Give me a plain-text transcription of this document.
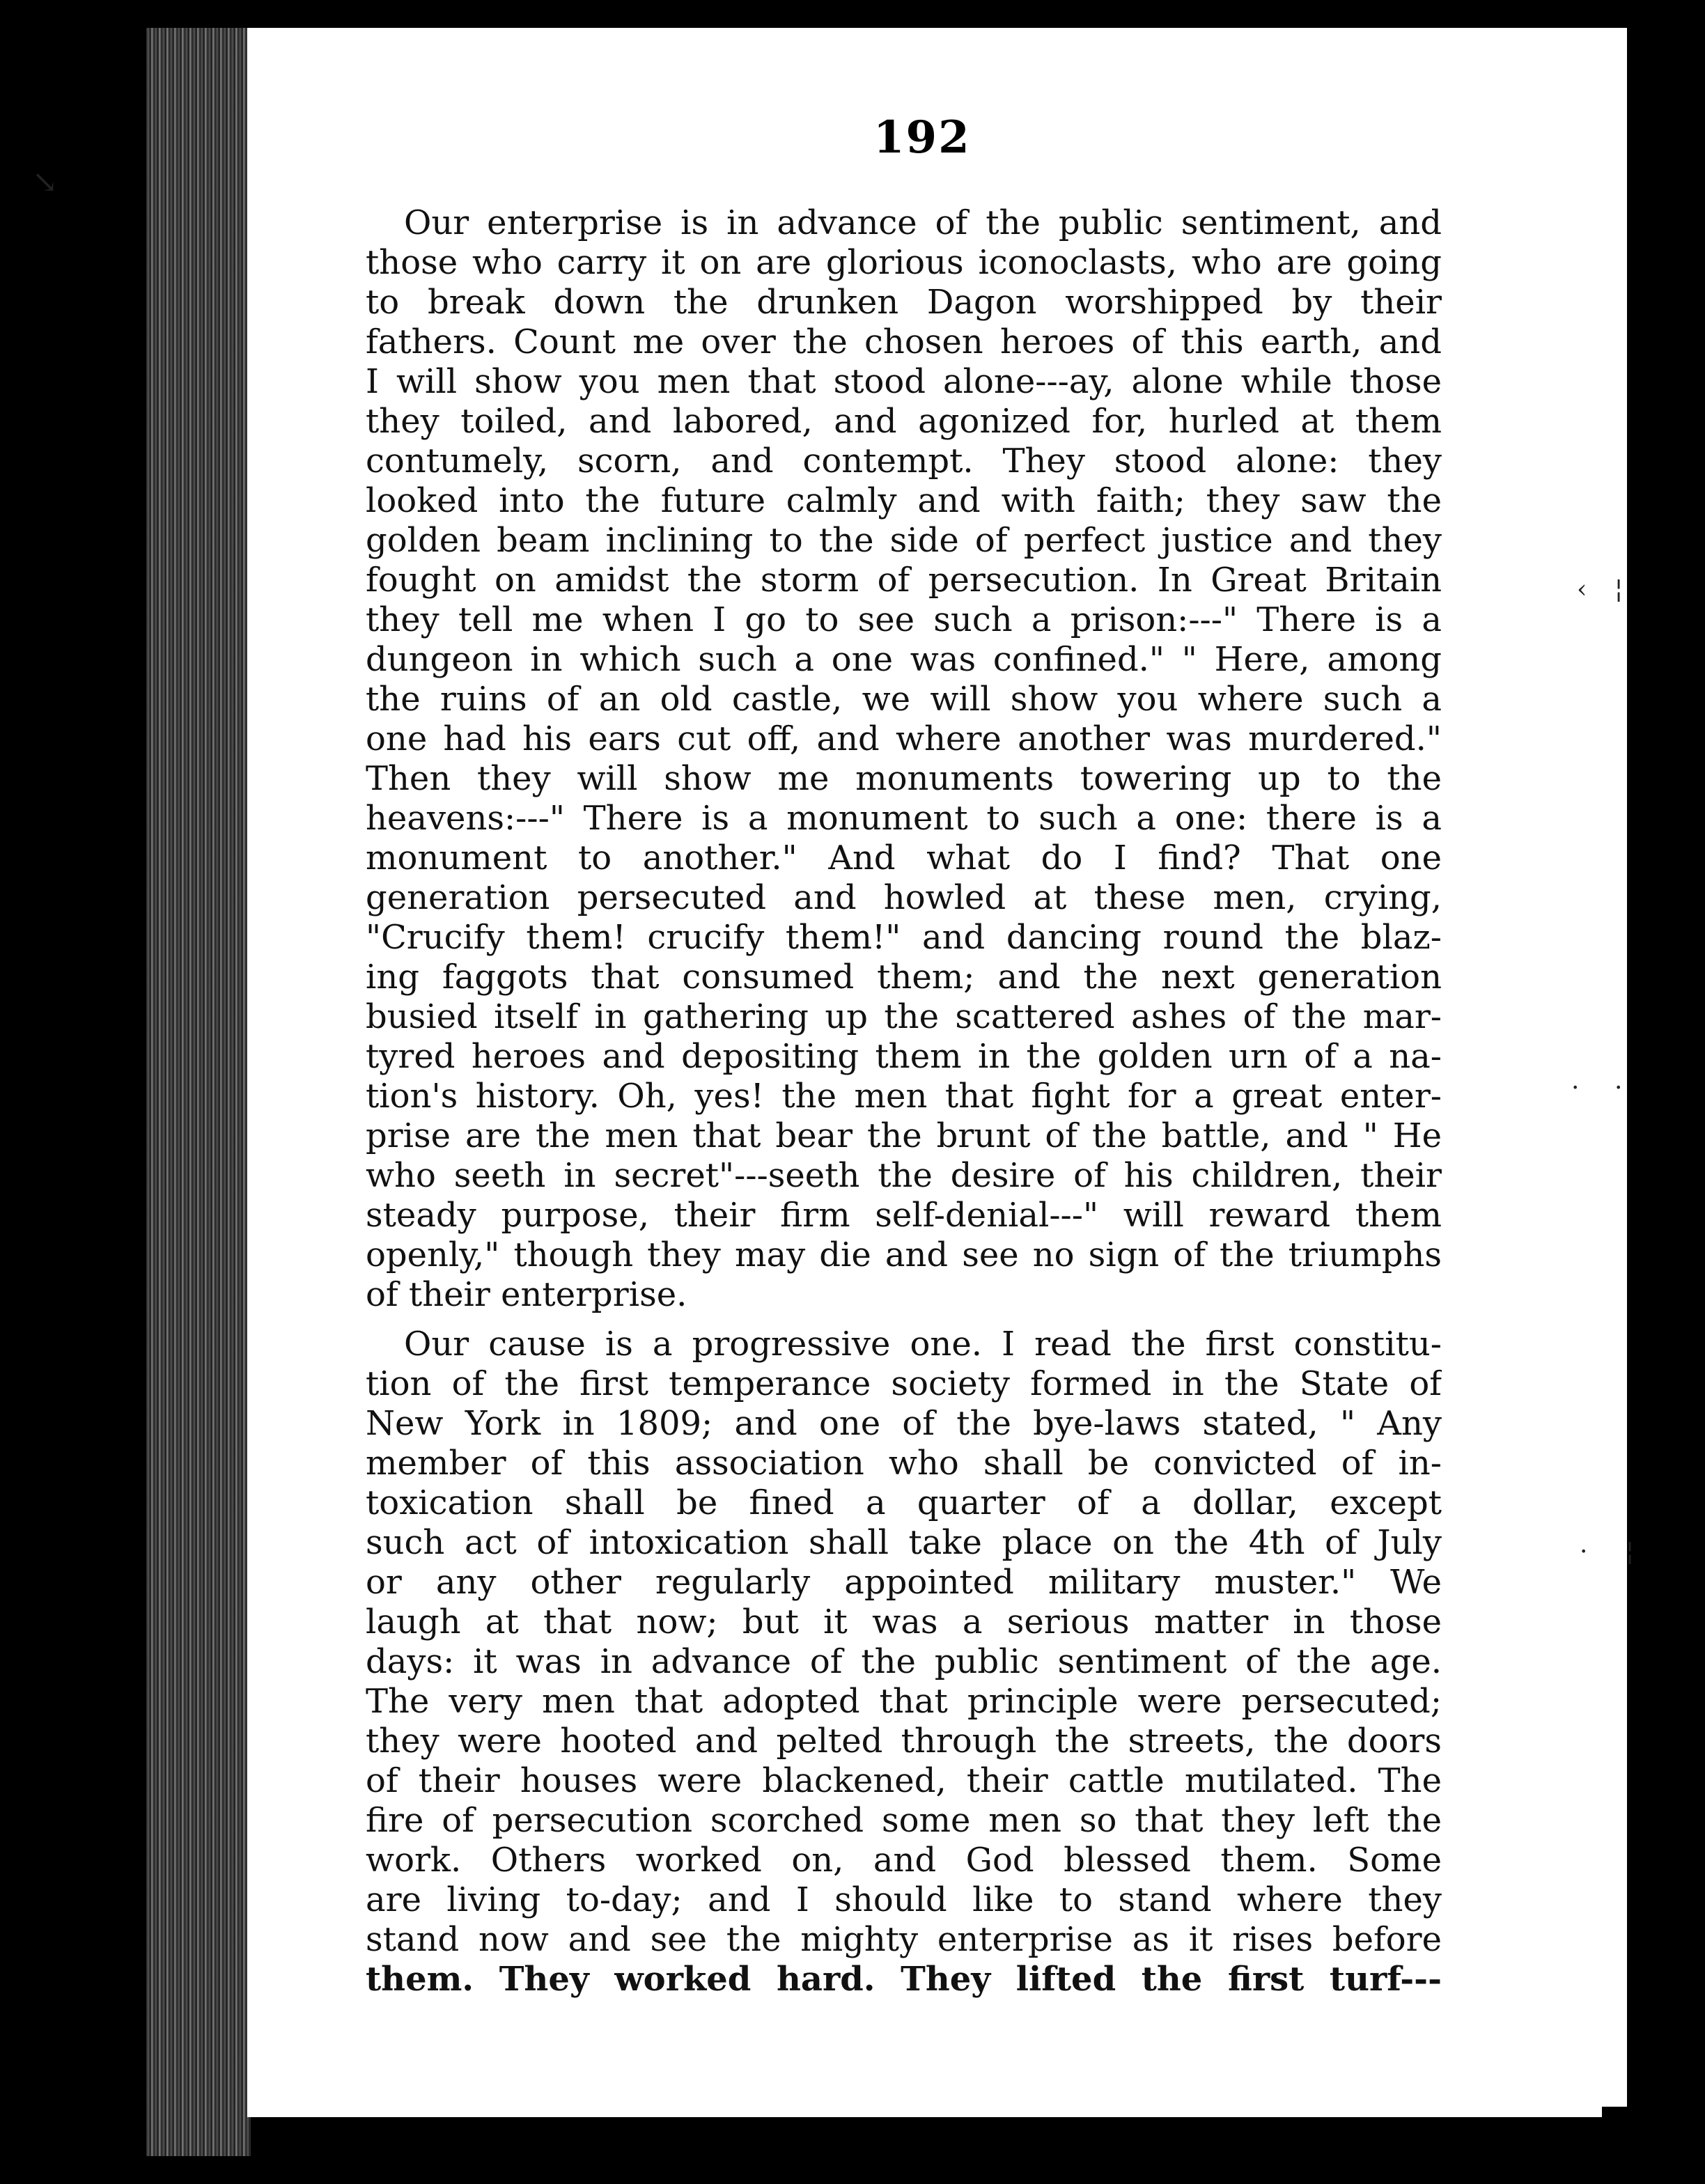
↘
‹ ¦
· ·
· ¦
192
Our enterprise is in advance of the public sentiment, and
those who carry it on are glorious iconoclasts, who are going
to break down the drunken Dagon worshipped by their
fathers. Count me over the chosen heroes of this earth, and
I will show you men that stood alone---ay, alone while those
they toiled, and labored, and agonized for, hurled at them
contumely, scorn, and contempt. They stood alone: they
looked into the future calmly and with faith; they saw the
golden beam inclining to the side of perfect justice and they
fought on amidst the storm of persecution. In Great Britain
they tell me when I go to see such a prison:---" There is a
dungeon in which such a one was confined." " Here, among
the ruins of an old castle, we will show you where such a
one had his ears cut off, and where another was murdered."
Then they will show me monuments towering up to the
heavens:---" There is a monument to such a one: there is a
monument to another." And what do I find? That one
generation persecuted and howled at these men, crying,
"Crucify them! crucify them!" and dancing round the blaz-
ing faggots that consumed them; and the next generation
busied itself in gathering up the scattered ashes of the mar-
tyred heroes and depositing them in the golden urn of a na-
tion's history. Oh, yes! the men that fight for a great enter-
prise are the men that bear the brunt of the battle, and " He
who seeth in secret"---seeth the desire of his children, their
steady purpose, their firm self-denial---" will reward them
openly," though they may die and see no sign of the triumphs
of their enterprise.
Our cause is a progressive one. I read the first constitu-
tion of the first temperance society formed in the State of
New York in 1809; and one of the bye-laws stated, " Any
member of this association who shall be convicted of in-
toxication shall be fined a quarter of a dollar, except
such act of intoxication shall take place on the 4th of July
or any other regularly appointed military muster." We
laugh at that now; but it was a serious matter in those
days: it was in advance of the public sentiment of the age.
The very men that adopted that principle were persecuted;
they were hooted and pelted through the streets, the doors
of their houses were blackened, their cattle mutilated. The
fire of persecution scorched some men so that they left the
work. Others worked on, and God blessed them. Some
are living to-day; and I should like to stand where they
stand now and see the mighty enterprise as it rises before
them. They worked hard. They lifted the first turf---
